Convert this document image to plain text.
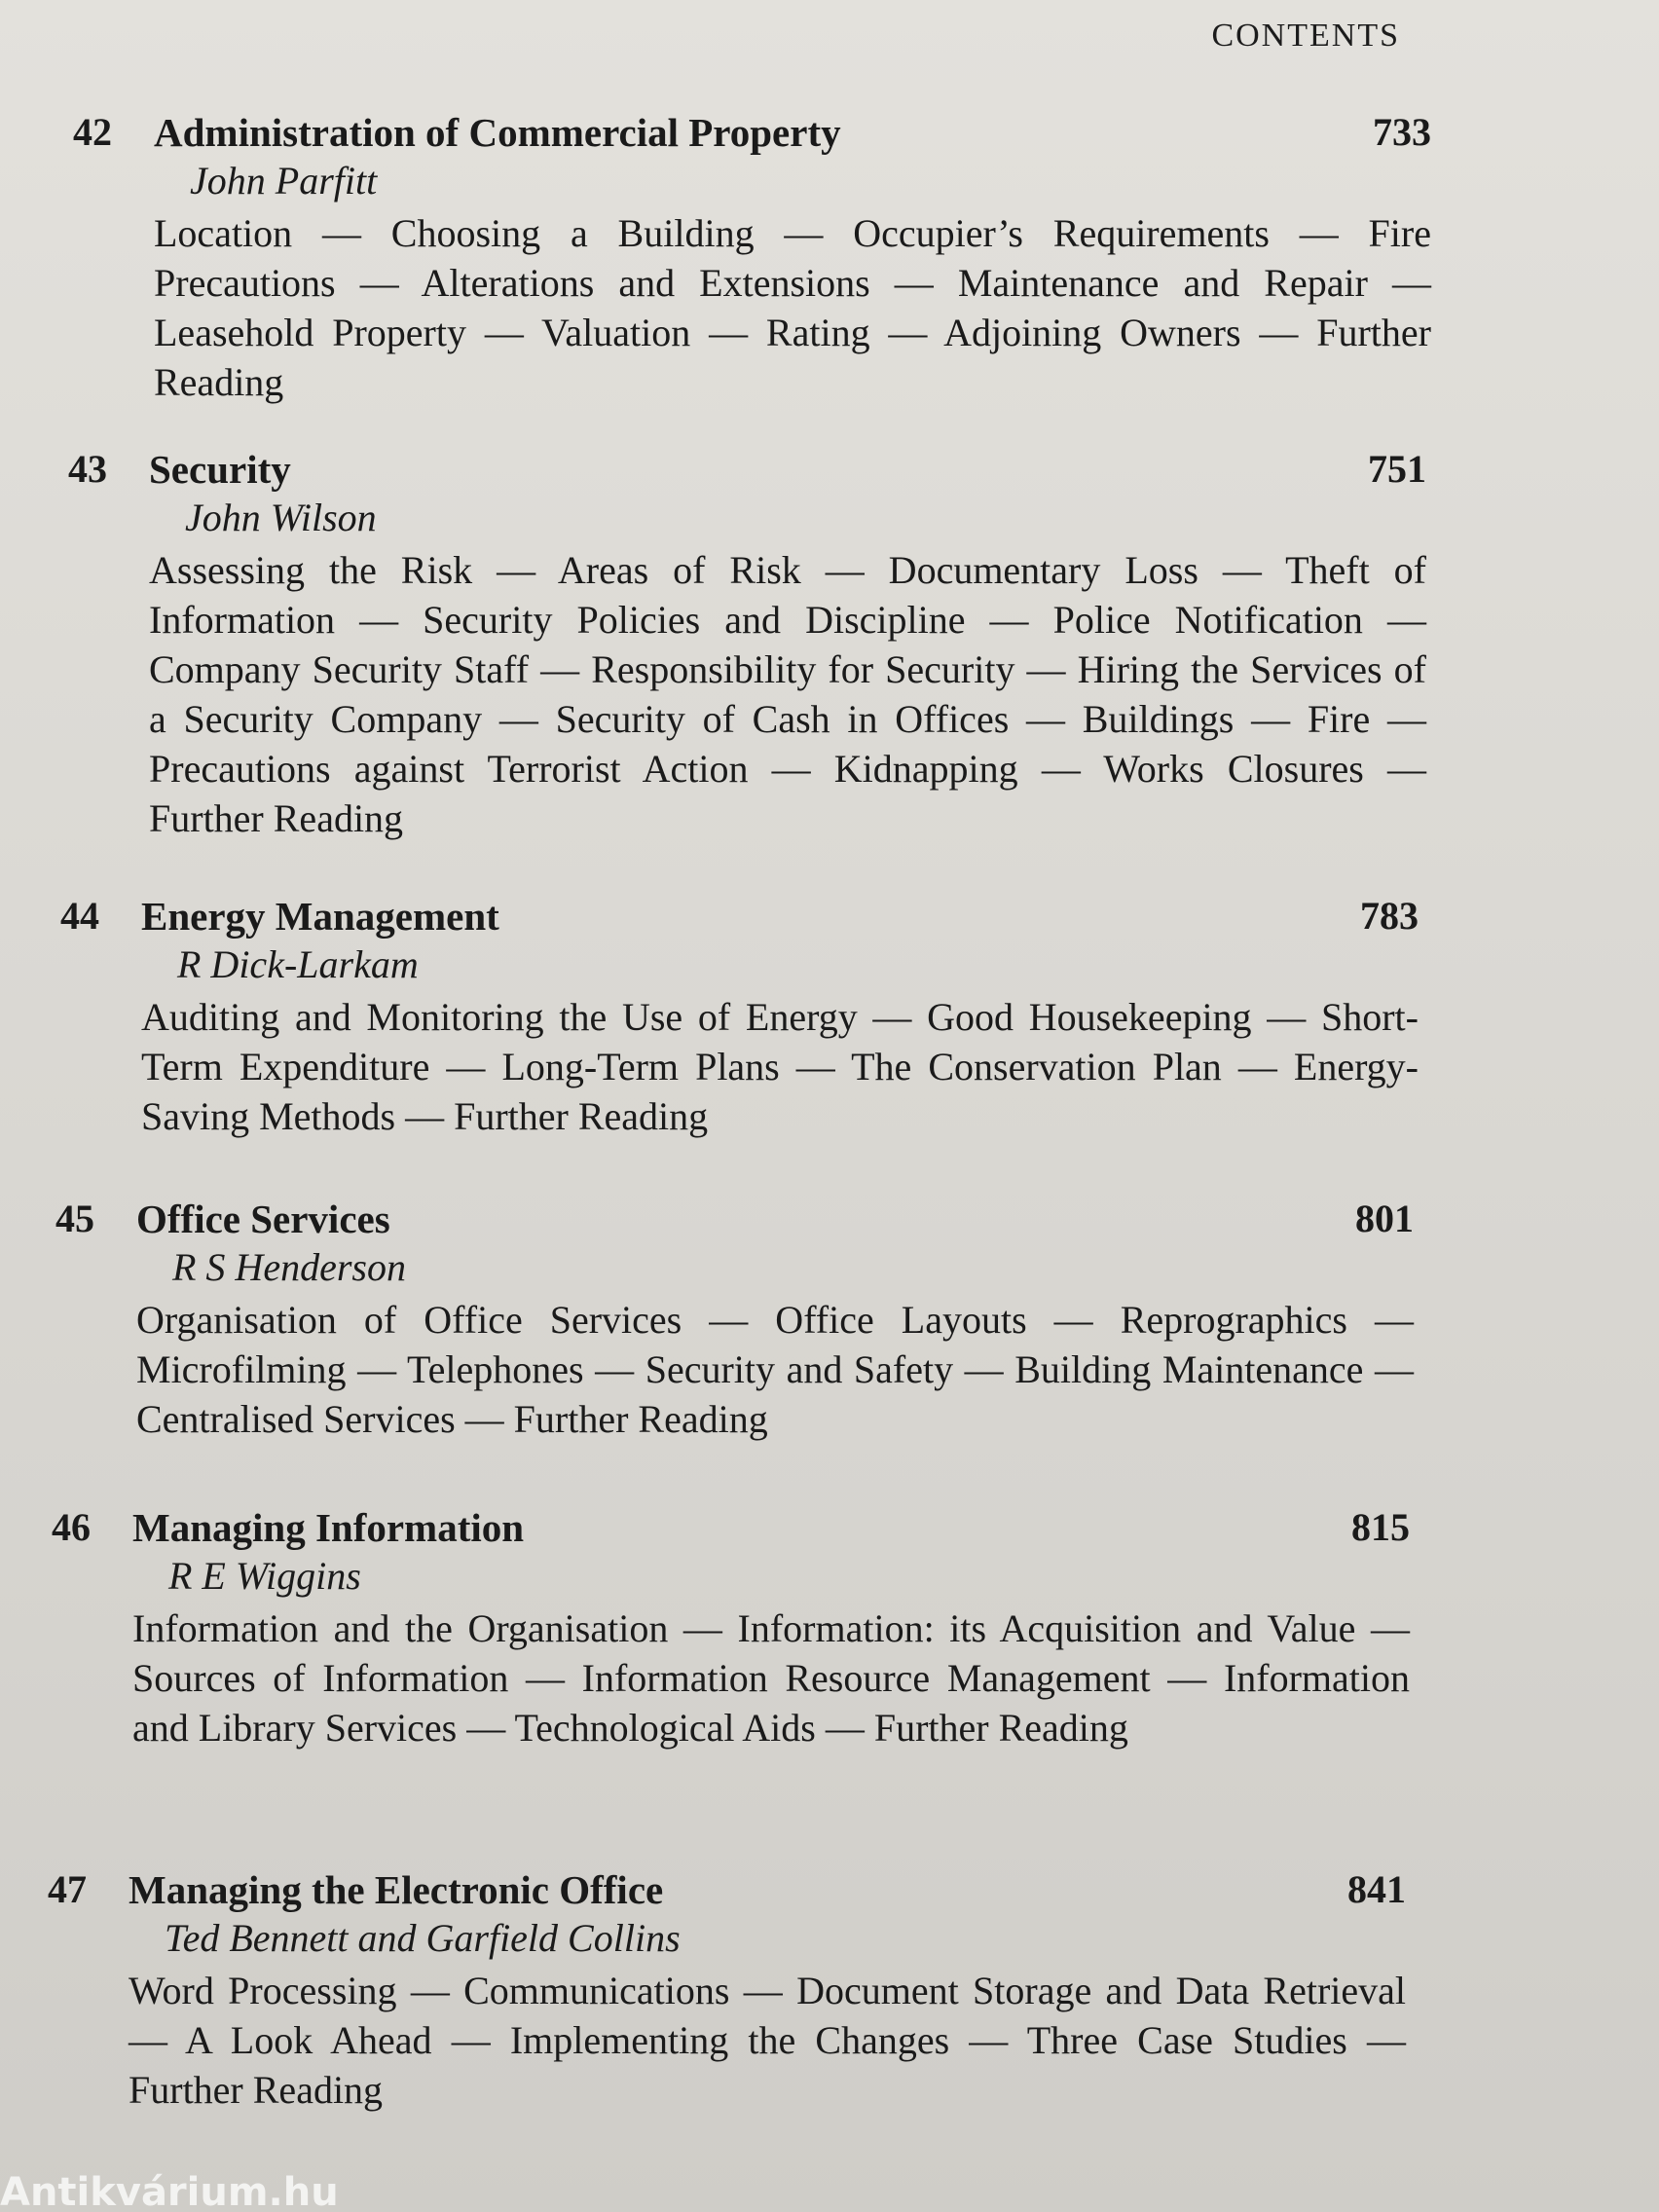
CONTENTS
42 Administration of Commercial Property	733
John Parfitt
Location — Choosing a Building — Occupier’s Requirements — Fire Precautions — Alterations and Extensions — Maintenance and Repair — Leasehold Property — Valuation — Rating — Adjoining Owners — Further Reading
43 Security	751
John Wilson
Assessing the Risk — Areas of Risk — Documentary Loss — Theft of Information — Security Policies and Discipline — Police Notification — Company Security Staff — Responsibility for Security — Hiring the Services of a Security Company — Security of Cash in Offices — Buildings — Fire — Precautions against Terrorist Action — Kidnapping — Works Closures — Further Reading
44 Energy Management	783
R Dick-Larkam
Auditing and Monitoring the Use of Energy — Good Housekeeping — Short-Term Expenditure — Long-Term Plans — The Conservation Plan — Energy-Saving Methods — Further Reading
45 Office Services	801
R S Henderson
Organisation of Office Services — Office Layouts — Reprographics — Microfilming — Telephones — Security and Safety — Building Maintenance — Centralised Services — Further Reading
46 Managing Information	815
R E Wiggins
Information and the Organisation — Information: its Acquisition and Value — Sources of Information — Information Resource Management — Information and Library Services — Technological Aids — Further Reading
47 Managing the Electronic Office	841
Ted Bennett and Garfield Collins
Word Processing — Communications — Document Storage and Data Retrieval — A Look Ahead — Implementing the Changes — Three Case Studies — Further Reading
Antikvárium.hu
